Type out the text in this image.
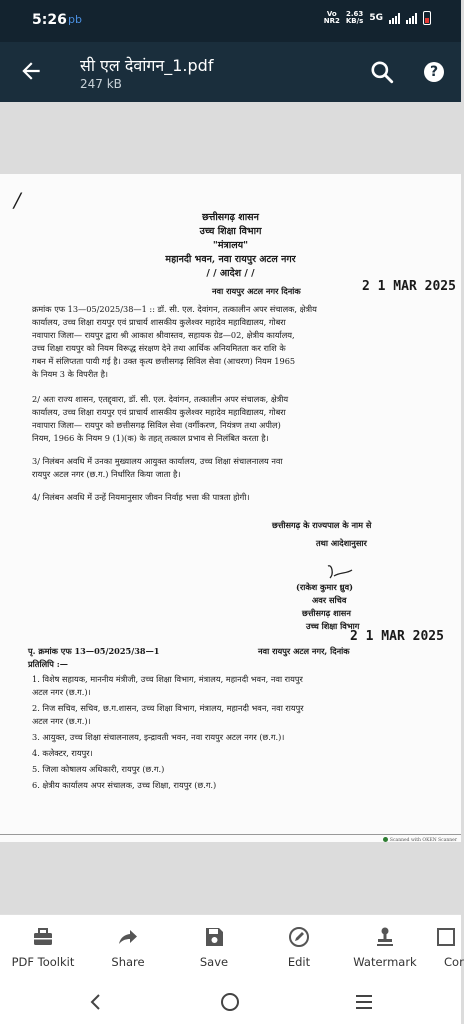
5:26 pb	Vo
NR2
2.63
KB/s 5G
सी एल देवांगन_1.pdf
247 kB
?
/
छत्तीसगढ़ शासन
उच्च शिक्षा विभाग
"मंत्रालय"
महानदी भवन, नवा रायपुर अटल नगर
/ / आदेश / /
नवा रायपुर अटल नगर दिनांक	2 1 MAR 2025
क्रमांक एफ 13—05/2025/38—1 :: डॉ. सी. एल. देवांगन, तत्कालीन अपर संचालक, क्षेत्रीय
कार्यालय, उच्च शिक्षा रायपुर एवं प्राचार्य शासकीय कुलेश्वर महादेव महाविद्यालय, गोबरा
नवापारा जिला— रायपुर द्वारा श्री आकाश श्रीवास्तव, सहायक ग्रेड—02, क्षेत्रीय कार्यालय,
उच्च शिक्षा रायपुर को नियम विरूद्ध संरक्षण देने तथा आर्थिक अनियमितता कर राशि के
गबन में संलिप्तता पायी गई है। उक्त कृत्य छत्तीसगढ़ सिविल सेवा (आचरण) नियम 1965
के नियम 3 के विपरीत है।
2/ अतः राज्य शासन, एतद्द्वारा, डॉ. सी. एल. देवांगन, तत्कालीन अपर संचालक, क्षेत्रीय
कार्यालय, उच्च शिक्षा रायपुर एवं प्राचार्य शासकीय कुलेश्वर महादेव महाविद्यालय, गोबरा
नवापारा जिला— रायपुर को छत्तीसगढ़ सिविल सेवा (वर्गीकरण, नियंत्रण तथा अपील)
नियम, 1966 के नियम 9 (1)(क) के तहत् तत्काल प्रभाव से निलंबित करता है।
3/ निलंबन अवधि में उनका मुख्यालय आयुक्त कार्यालय, उच्च शिक्षा संचालनालय नवा
रायपुर अटल नगर (छ.ग.) निर्धारित किया जाता है।
4/ निलंबन अवधि में उन्हें नियमानुसार जीवन निर्वाह भत्ता की पात्रता होगी।
छत्तीसगढ़ के राज्यपाल के नाम से
तथा आदेशानुसार
(राकेश कुमार ध्रुव)
अवर सचिव
छत्तीसगढ़ शासन
उच्च शिक्षा विभाग
पृ. क्रमांक एफ 13—05/2025/38—1	नवा रायपुर अटल नगर, दिनांक
2 1 MAR 2025
प्रतिलिपि :—
1. विशेष सहायक, माननीय मंत्रीजी, उच्च शिक्षा विभाग, मंत्रालय, महानदी भवन, नवा रायपुर
अटल नगर (छ.ग.)।
2. निज सचिव, सचिव, छ.ग.शासन, उच्च शिक्षा विभाग, मंत्रालय, महानदी भवन, नवा रायपुर
अटल नगर (छ.ग.)।
3. आयुक्त, उच्च शिक्षा संचालनालय, इन्द्रावती भवन, नवा रायपुर अटल नगर (छ.ग.)।
4. कलेक्टर, रायपुर।
5. जिला कोषालय अधिकारी, रायपुर (छ.ग.)
6. क्षेत्रीय कार्यालय अपर संचालक, उच्च शिक्षा, रायपुर (छ.ग.)
Scanned with OKEN Scanner
PDF Toolkit	Share	Save	Edit	Watermark	Cor
